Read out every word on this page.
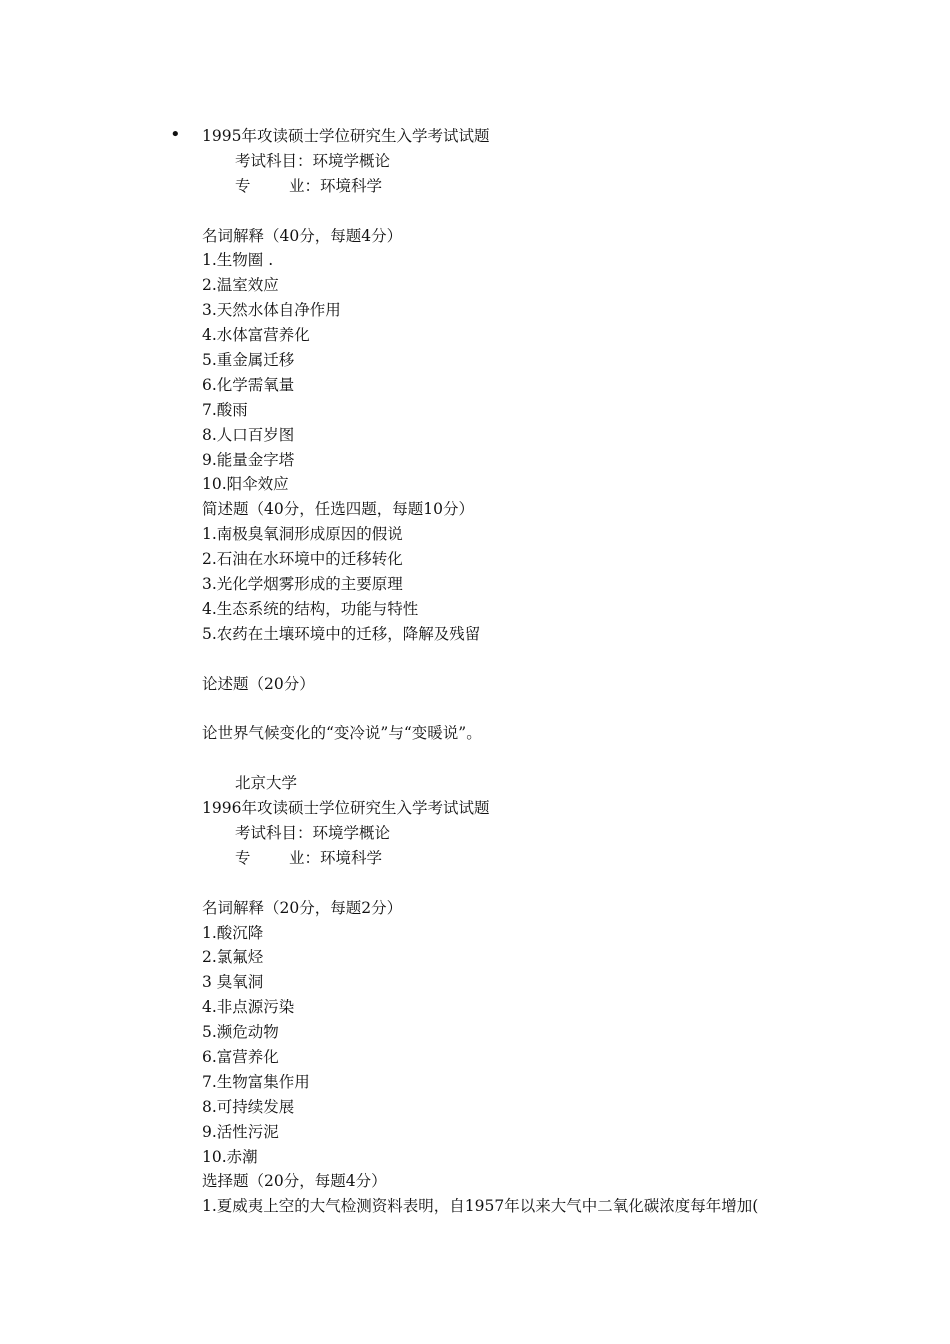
• 1995年攻读硕士学位研究生入学考试试题
考试科目：环境学概论
专 业：环境科学
名词解释（40分，每题4分）
1.生物圈 .
2.温室效应
3.天然水体自净作用
4.水体富营养化
5.重金属迁移
6.化学需氧量
7.酸雨
8.人口百岁图
9.能量金字塔
10.阳伞效应
简述题（40分，任选四题，每题10分）
1.南极臭氧洞形成原因的假说
2.石油在水环境中的迁移转化
3.光化学烟雾形成的主要原理
4.生态系统的结构，功能与特性
5.农药在土壤环境中的迁移，降解及残留
论述题（20分）
论世界气候变化的“变冷说”与“变暖说”。
北京大学
1996年攻读硕士学位研究生入学考试试题
考试科目：环境学概论
专 业：环境科学
名词解释（20分，每题2分）
1.酸沉降
2.氯氟烃
3 臭氧洞
4.非点源污染
5.濒危动物
6.富营养化
7.生物富集作用
8.可持续发展
9.活性污泥
10.赤潮
选择题（20分，每题4分）
1.夏威夷上空的大气检测资料表明，自1957年以来大气中二氧化碳浓度每年增加(
